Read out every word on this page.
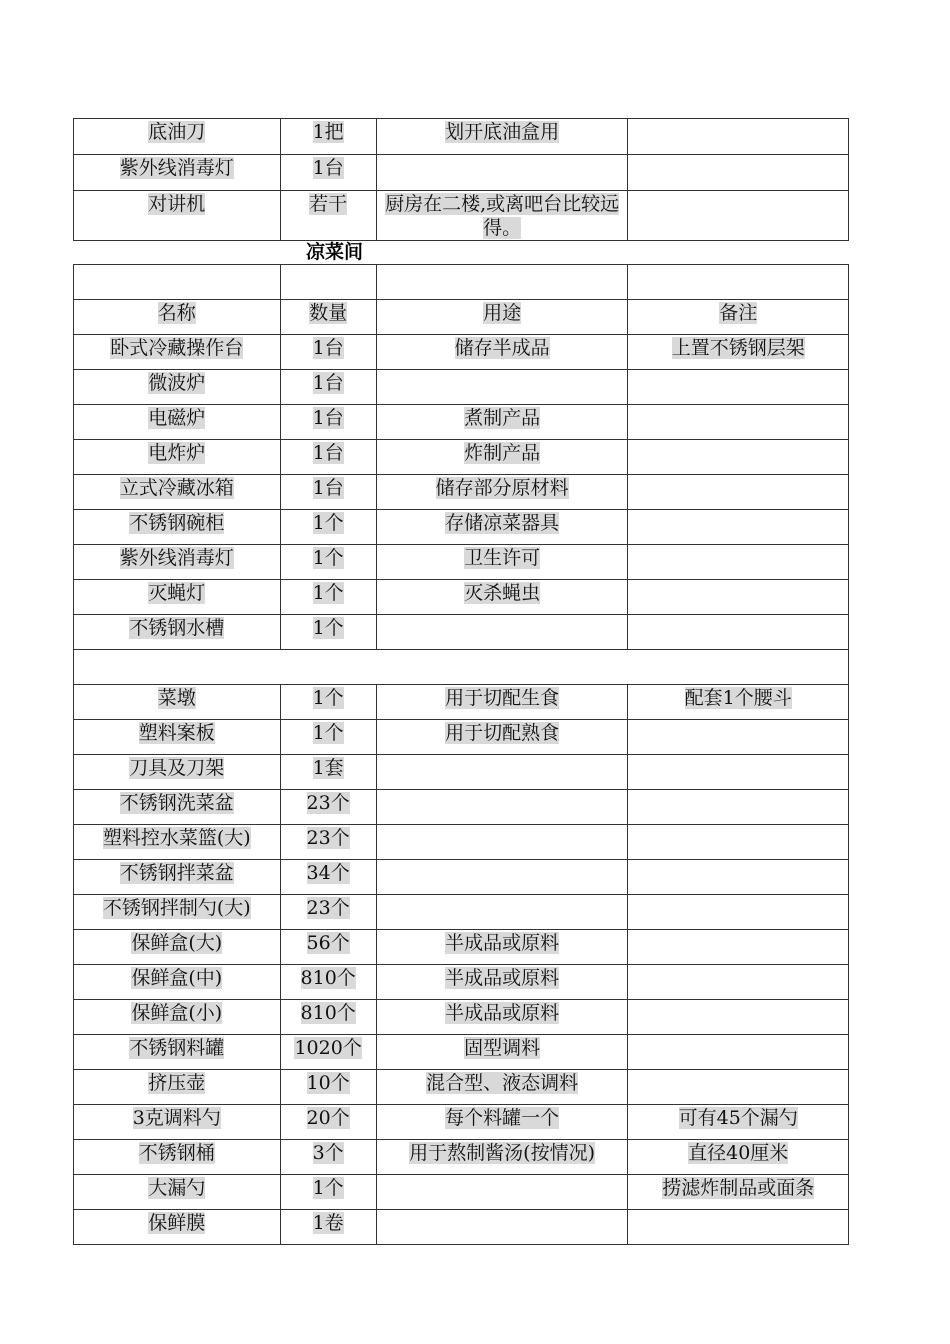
底油刀	1把	划开底油盒用	
紫外线消毒灯	1台		
对讲机	若干	厨房在二楼,或离吧台比较远得。	
凉菜间

名称	数量	用途	备注
卧式冷藏操作台	1台	储存半成品	上置不锈钢层架
微波炉	1台		
电磁炉	1台	煮制产品	
电炸炉	1台	炸制产品	
立式冷藏冰箱	1台	储存部分原材料	
不锈钢碗柜	1个	存储凉菜器具	
紫外线消毒灯	1个	卫生许可	
灭蝇灯	1个	灭杀蝇虫	
不锈钢水槽	1个		

菜墩	1个	用于切配生食	配套1个腰斗
塑料案板	1个	用于切配熟食	
刀具及刀架	1套		
不锈钢洗菜盆	23个		
塑料控水菜篮(大)	23个		
不锈钢拌菜盆	34个		
不锈钢拌制勺(大)	23个		
保鲜盒(大)	56个	半成品或原料	
保鲜盒(中)	810个	半成品或原料	
保鲜盒(小)	810个	半成品或原料	
不锈钢料罐	1020个	固型调料	
挤压壶	10个	混合型、液态调料	
3克调料勺	20个	每个料罐一个	可有45个漏勺
不锈钢桶	3个	用于熬制酱汤(按情况)	直径40厘米
大漏勺	1个		捞滤炸制品或面条
保鲜膜	1卷		
